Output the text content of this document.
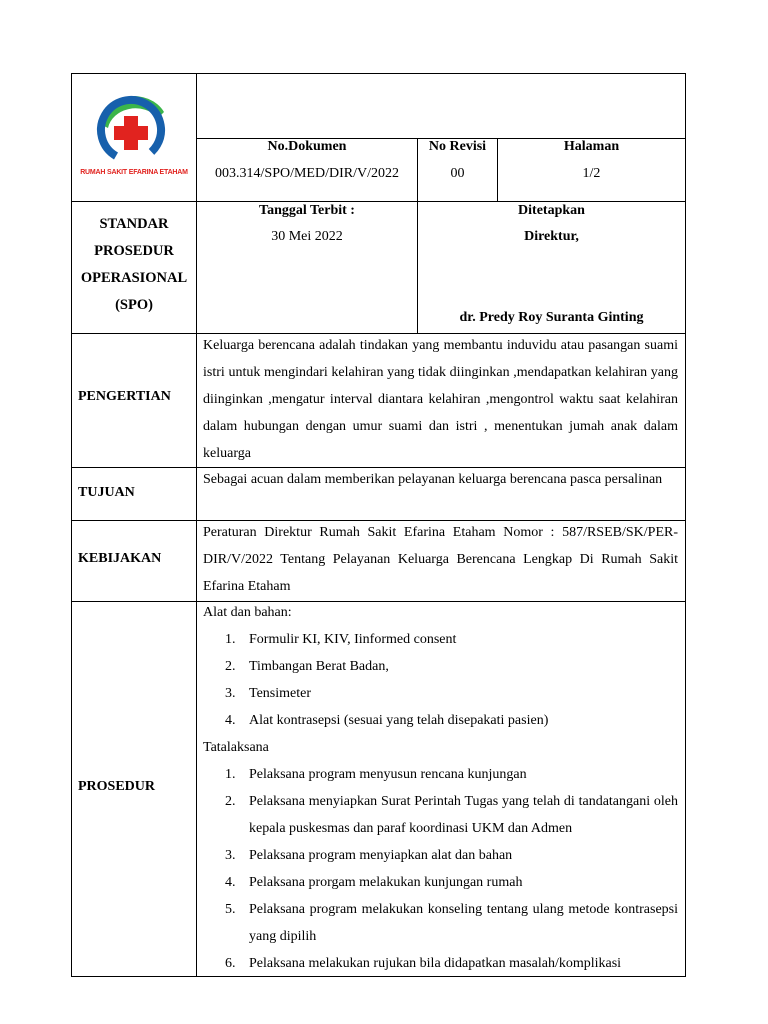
RUMAH SAKIT EFARINA ETAHAM
No.Dokumen
003.314/SPO/MED/DIR/V/2022
No Revisi
00
Halaman
1/2
STANDAR
PROSEDUR
OPERASIONAL
(SPO)
Tanggal Terbit :
30 Mei 2022
Ditetapkan
Direktur,
dr. Predy Roy Suranta Ginting
PENGERTIAN
Keluarga berencana adalah tindakan yang membantu induvidu atau pasangan suami istri untuk mengindari kelahiran yang tidak diinginkan ,mendapatkan kelahiran yang diinginkan ,mengatur interval diantara kelahiran ,mengontrol waktu saat kelahiran dalam hubungan dengan umur suami dan istri , menentukan jumah anak dalam keluarga
TUJUAN
Sebagai acuan dalam memberikan pelayanan keluarga berencana pasca persalinan
KEBIJAKAN
Peraturan Direktur Rumah Sakit Efarina Etaham Nomor : 587/RSEB/SK/PER-DIR/V/2022 Tentang Pelayanan Keluarga Berencana Lengkap Di Rumah Sakit Efarina Etaham
PROSEDUR
Alat dan bahan:
1. Formulir KI, KIV, Iinformed consent
2. Timbangan Berat Badan,
3. Tensimeter
4. Alat kontrasepsi (sesuai yang telah disepakati pasien)
Tatalaksana
1. Pelaksana program menyusun rencana kunjungan
2. Pelaksana menyiapkan Surat Perintah Tugas yang telah di tandatangani oleh kepala puskesmas dan paraf koordinasi UKM dan Admen
3. Pelaksana program menyiapkan alat dan bahan
4. Pelaksana prorgam melakukan kunjungan rumah
5. Pelaksana program melakukan konseling tentang ulang metode kontrasepsi yang dipilih
6. Pelaksana melakukan rujukan bila didapatkan masalah/komplikasi
